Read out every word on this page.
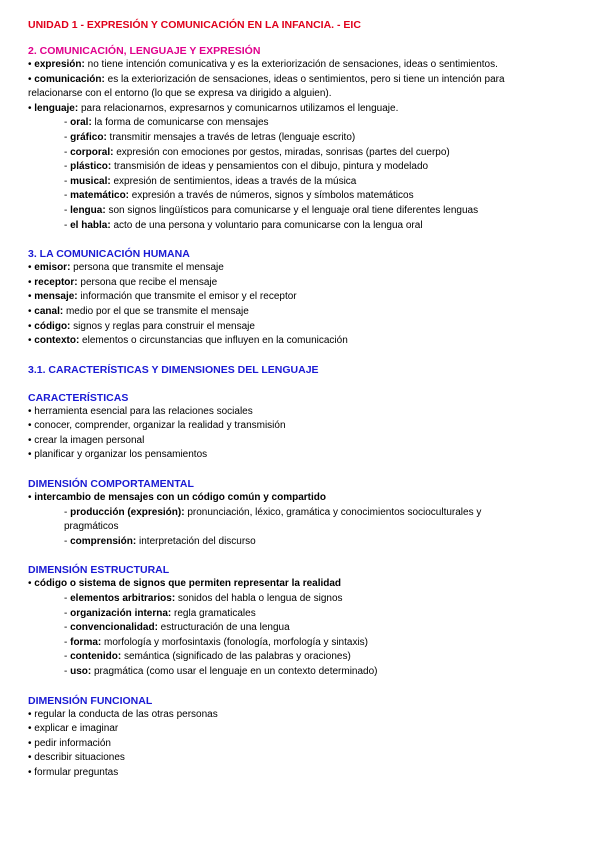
UNIDAD 1 - EXPRESIÓN Y COMUNICACIÓN EN LA INFANCIA. - EIC
2. COMUNICACIÓN, LENGUAJE Y EXPRESIÓN
• expresión: no tiene intención comunicativa y es la exteriorización de sensaciones, ideas o sentimientos.
• comunicación: es la exteriorización de sensaciones, ideas o sentimientos, pero si tiene un intención para
relacionarse con el entorno (lo que se expresa va dirigido a alguien).
• lenguaje: para relacionarnos, expresarnos y comunicarnos utilizamos el lenguaje.
- oral: la forma de comunicarse con mensajes
- gráfico: transmitir mensajes a través de letras (lenguaje escrito)
- corporal: expresión con emociones por gestos, miradas, sonrisas (partes del cuerpo)
- plástico: transmisión de ideas y pensamientos con el dibujo, pintura y modelado
- musical: expresión de sentimientos, ideas a través de la música
- matemático: expresión a través de números, signos y símbolos matemáticos
- lengua: son signos lingüísticos para comunicarse y el lenguaje oral tiene diferentes lenguas
- el habla: acto de una persona y voluntario para comunicarse con la lengua oral
3. LA COMUNICACIÓN HUMANA
• emisor: persona que transmite el mensaje
• receptor: persona que recibe el mensaje
• mensaje: información que transmite el emisor y el receptor
• canal: medio por el que se transmite el mensaje
• código: signos y reglas para construir el mensaje
• contexto: elementos o circunstancias que influyen en la comunicación
3.1. CARACTERÍSTICAS Y DIMENSIONES DEL LENGUAJE
CARACTERÍSTICAS
• herramienta esencial para las relaciones sociales
• conocer, comprender, organizar la realidad y transmisión
• crear la imagen personal
• planificar y organizar los pensamientos
DIMENSIÓN COMPORTAMENTAL
• intercambio de mensajes con un código común y compartido
- producción (expresión): pronunciación, léxico, gramática y conocimientos socioculturales y
pragmáticos
- comprensión: interpretación del discurso
DIMENSIÓN ESTRUCTURAL
• código o sistema de signos que permiten representar la realidad
- elementos arbitrarios: sonidos del habla o lengua de signos
- organización interna: regla gramaticales
- convencionalidad: estructuración de una lengua
- forma: morfología y morfosintaxis (fonología, morfología y sintaxis)
- contenido: semántica (significado de las palabras y oraciones)
- uso: pragmática (como usar el lenguaje en un contexto determinado)
DIMENSIÓN FUNCIONAL
• regular la conducta de las otras personas
• explicar e imaginar
• pedir información
• describir situaciones
• formular preguntas
